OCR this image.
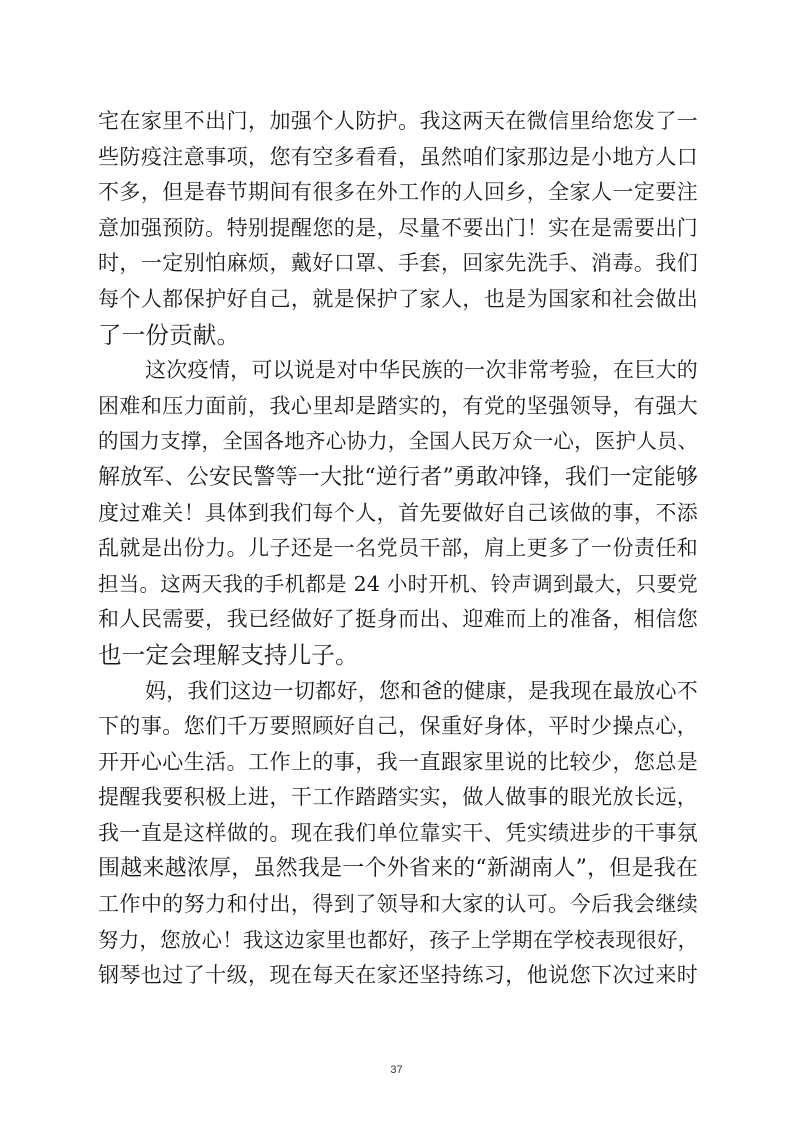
宅在家里不出门，加强个人防护。我这两天在微信里给您发了一
些防疫注意事项，您有空多看看，虽然咱们家那边是小地方人口
不多，但是春节期间有很多在外工作的人回乡，全家人一定要注
意加强预防。特别提醒您的是，尽量不要出门！实在是需要出门
时，一定别怕麻烦，戴好口罩、手套，回家先洗手、消毒。我们
每个人都保护好自己，就是保护了家人，也是为国家和社会做出
了一份贡献。
这次疫情，可以说是对中华民族的一次非常考验，在巨大的
困难和压力面前，我心里却是踏实的，有党的坚强领导，有强大
的国力支撑，全国各地齐心协力，全国人民万众一心，医护人员、
解放军、公安民警等一大批“逆行者”勇敢冲锋，我们一定能够
度过难关！具体到我们每个人，首先要做好自己该做的事，不添
乱就是出份力。儿子还是一名党员干部，肩上更多了一份责任和
担当。这两天我的手机都是 24 小时开机、铃声调到最大，只要党
和人民需要，我已经做好了挺身而出、迎难而上的准备，相信您
也一定会理解支持儿子。
妈，我们这边一切都好，您和爸的健康，是我现在最放心不
下的事。您们千万要照顾好自己，保重好身体，平时少操点心，
开开心心生活。工作上的事，我一直跟家里说的比较少，您总是
提醒我要积极上进，干工作踏踏实实，做人做事的眼光放长远，
我一直是这样做的。现在我们单位靠实干、凭实绩进步的干事氛
围越来越浓厚，虽然我是一个外省来的“新湖南人”，但是我在
工作中的努力和付出，得到了领导和大家的认可。今后我会继续
努力，您放心！我这边家里也都好，孩子上学期在学校表现很好，
钢琴也过了十级，现在每天在家还坚持练习，他说您下次过来时
37
